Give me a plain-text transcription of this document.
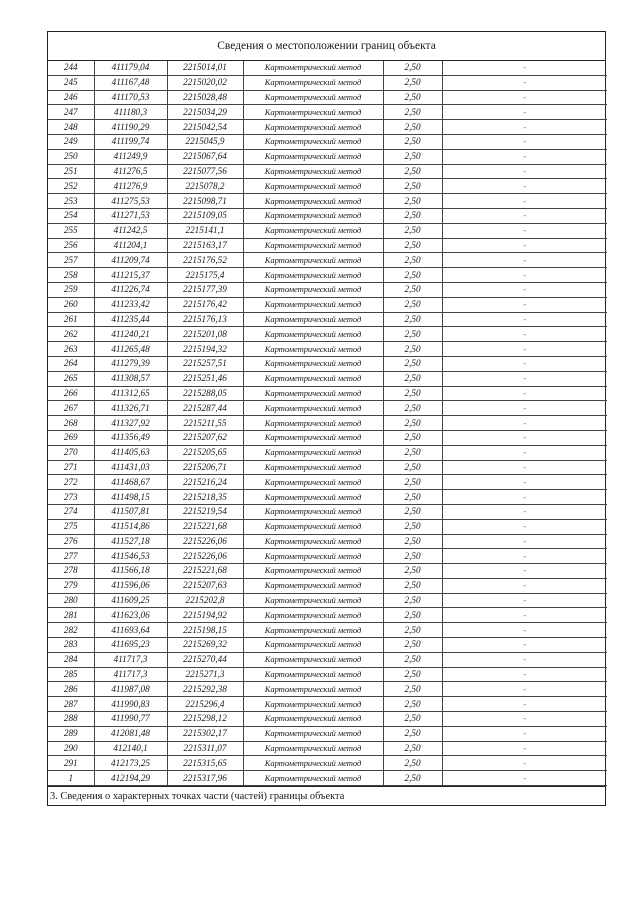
Сведения о местоположении границ объекта
244	411179,04	2215014,01	Картометрический метод	2,50	-
245	411167,48	2215020,02	Картометрический метод	2,50	-
246	411170,53	2215028,48	Картометрический метод	2,50	-
247	411180,3	2215034,29	Картометрический метод	2,50	-
248	411190,29	2215042,54	Картометрический метод	2,50	-
249	411199,74	2215045,9	Картометрический метод	2,50	-
250	411249,9	2215067,64	Картометрический метод	2,50	-
251	411276,5	2215077,56	Картометрический метод	2,50	-
252	411276,9	2215078,2	Картометрический метод	2,50	-
253	411275,53	2215098,71	Картометрический метод	2,50	-
254	411271,53	2215109,05	Картометрический метод	2,50	-
255	411242,5	2215141,1	Картометрический метод	2,50	-
256	411204,1	2215163,17	Картометрический метод	2,50	-
257	411209,74	2215176,52	Картометрический метод	2,50	-
258	411215,37	2215175,4	Картометрический метод	2,50	-
259	411226,74	2215177,39	Картометрический метод	2,50	-
260	411233,42	2215176,42	Картометрический метод	2,50	-
261	411235,44	2215176,13	Картометрический метод	2,50	-
262	411240,21	2215201,08	Картометрический метод	2,50	-
263	411265,48	2215194,32	Картометрический метод	2,50	-
264	411279,39	2215257,51	Картометрический метод	2,50	-
265	411308,57	2215251,46	Картометрический метод	2,50	-
266	411312,65	2215288,05	Картометрический метод	2,50	-
267	411326,71	2215287,44	Картометрический метод	2,50	-
268	411327,92	2215211,55	Картометрический метод	2,50	-
269	411356,49	2215207,62	Картометрический метод	2,50	-
270	411405,63	2215205,65	Картометрический метод	2,50	-
271	411431,03	2215206,71	Картометрический метод	2,50	-
272	411468,67	2215216,24	Картометрический метод	2,50	-
273	411498,15	2215218,35	Картометрический метод	2,50	-
274	411507,81	2215219,54	Картометрический метод	2,50	-
275	411514,86	2215221,68	Картометрический метод	2,50	-
276	411527,18	2215226,06	Картометрический метод	2,50	-
277	411546,53	2215226,06	Картометрический метод	2,50	-
278	411566,18	2215221,68	Картометрический метод	2,50	-
279	411596,06	2215207,63	Картометрический метод	2,50	-
280	411609,25	2215202,8	Картометрический метод	2,50	-
281	411623,06	2215194,92	Картометрический метод	2,50	-
282	411693,64	2215198,15	Картометрический метод	2,50	-
283	411695,23	2215269,32	Картометрический метод	2,50	-
284	411717,3	2215270,44	Картометрический метод	2,50	-
285	411717,3	2215271,3	Картометрический метод	2,50	-
286	411987,08	2215292,38	Картометрический метод	2,50	-
287	411990,83	2215296,4	Картометрический метод	2,50	-
288	411990,77	2215298,12	Картометрический метод	2,50	-
289	412081,48	2215302,17	Картометрический метод	2,50	-
290	412140,1	2215311,07	Картометрический метод	2,50	-
291	412173,25	2215315,65	Картометрический метод	2,50	-
1	412194,29	2215317,96	Картометрический метод	2,50	-
3. Сведения о характерных точках части (частей) границы объекта
